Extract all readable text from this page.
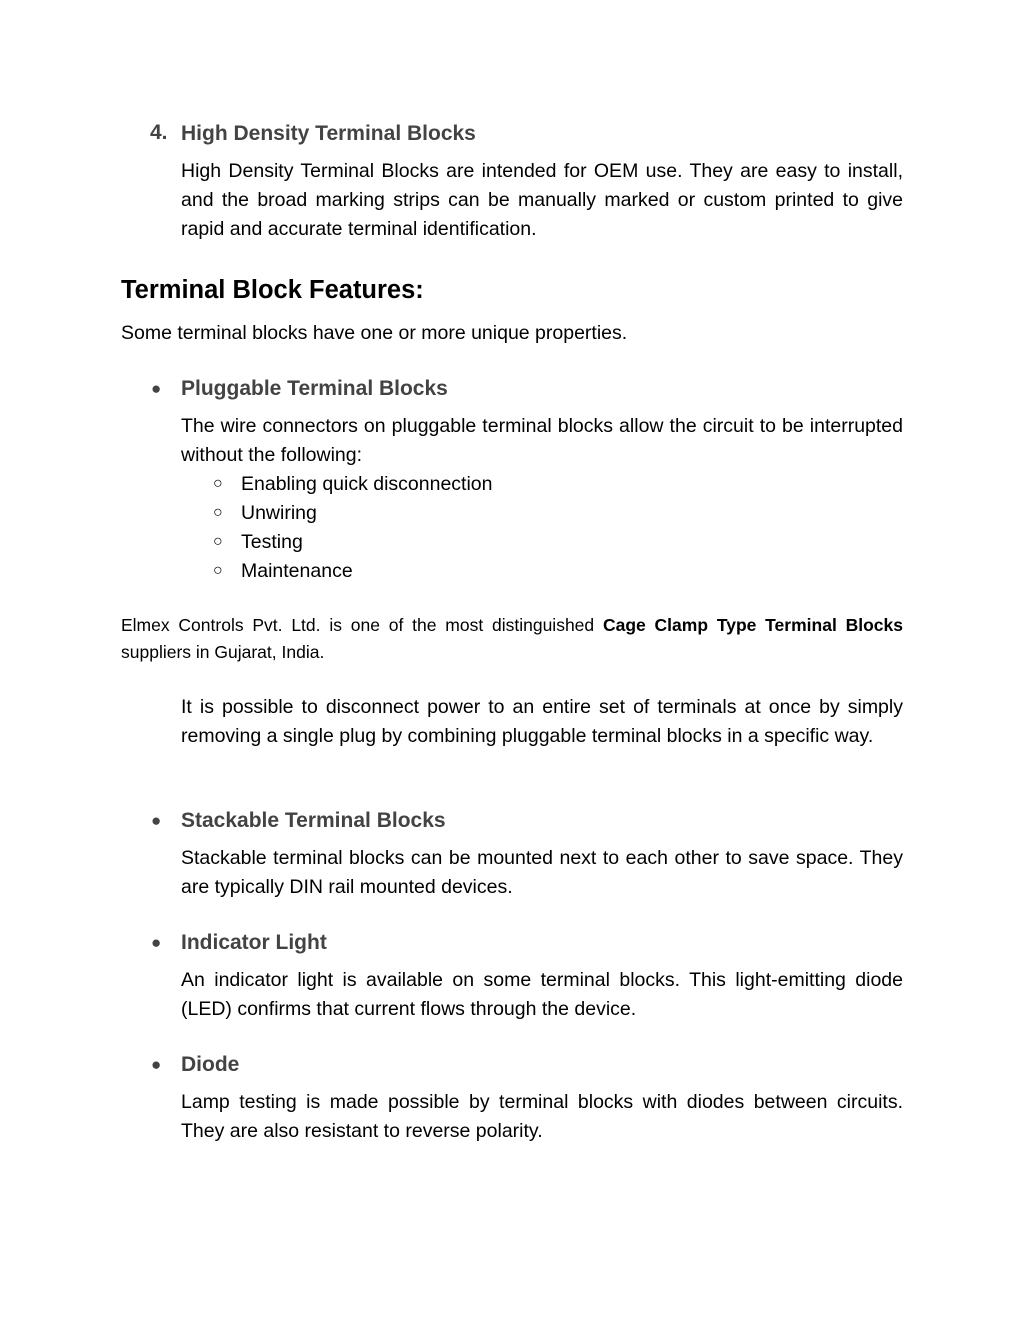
4. High Density Terminal Blocks
High Density Terminal Blocks are intended for OEM use. They are easy to install, and the broad marking strips can be manually marked or custom printed to give rapid and accurate terminal identification.
Terminal Block Features:
Some terminal blocks have one or more unique properties.
● Pluggable Terminal Blocks
The wire connectors on pluggable terminal blocks allow the circuit to be interrupted without the following:
○ Enabling quick disconnection
○ Unwiring
○ Testing
○ Maintenance
Elmex Controls Pvt. Ltd. is one of the most distinguished Cage Clamp Type Terminal Blocks suppliers in Gujarat, India.
It is possible to disconnect power to an entire set of terminals at once by simply removing a single plug by combining pluggable terminal blocks in a specific way.
● Stackable Terminal Blocks
Stackable terminal blocks can be mounted next to each other to save space. They are typically DIN rail mounted devices.
● Indicator Light
An indicator light is available on some terminal blocks. This light-emitting diode (LED) confirms that current flows through the device.
● Diode
Lamp testing is made possible by terminal blocks with diodes between circuits. They are also resistant to reverse polarity.
